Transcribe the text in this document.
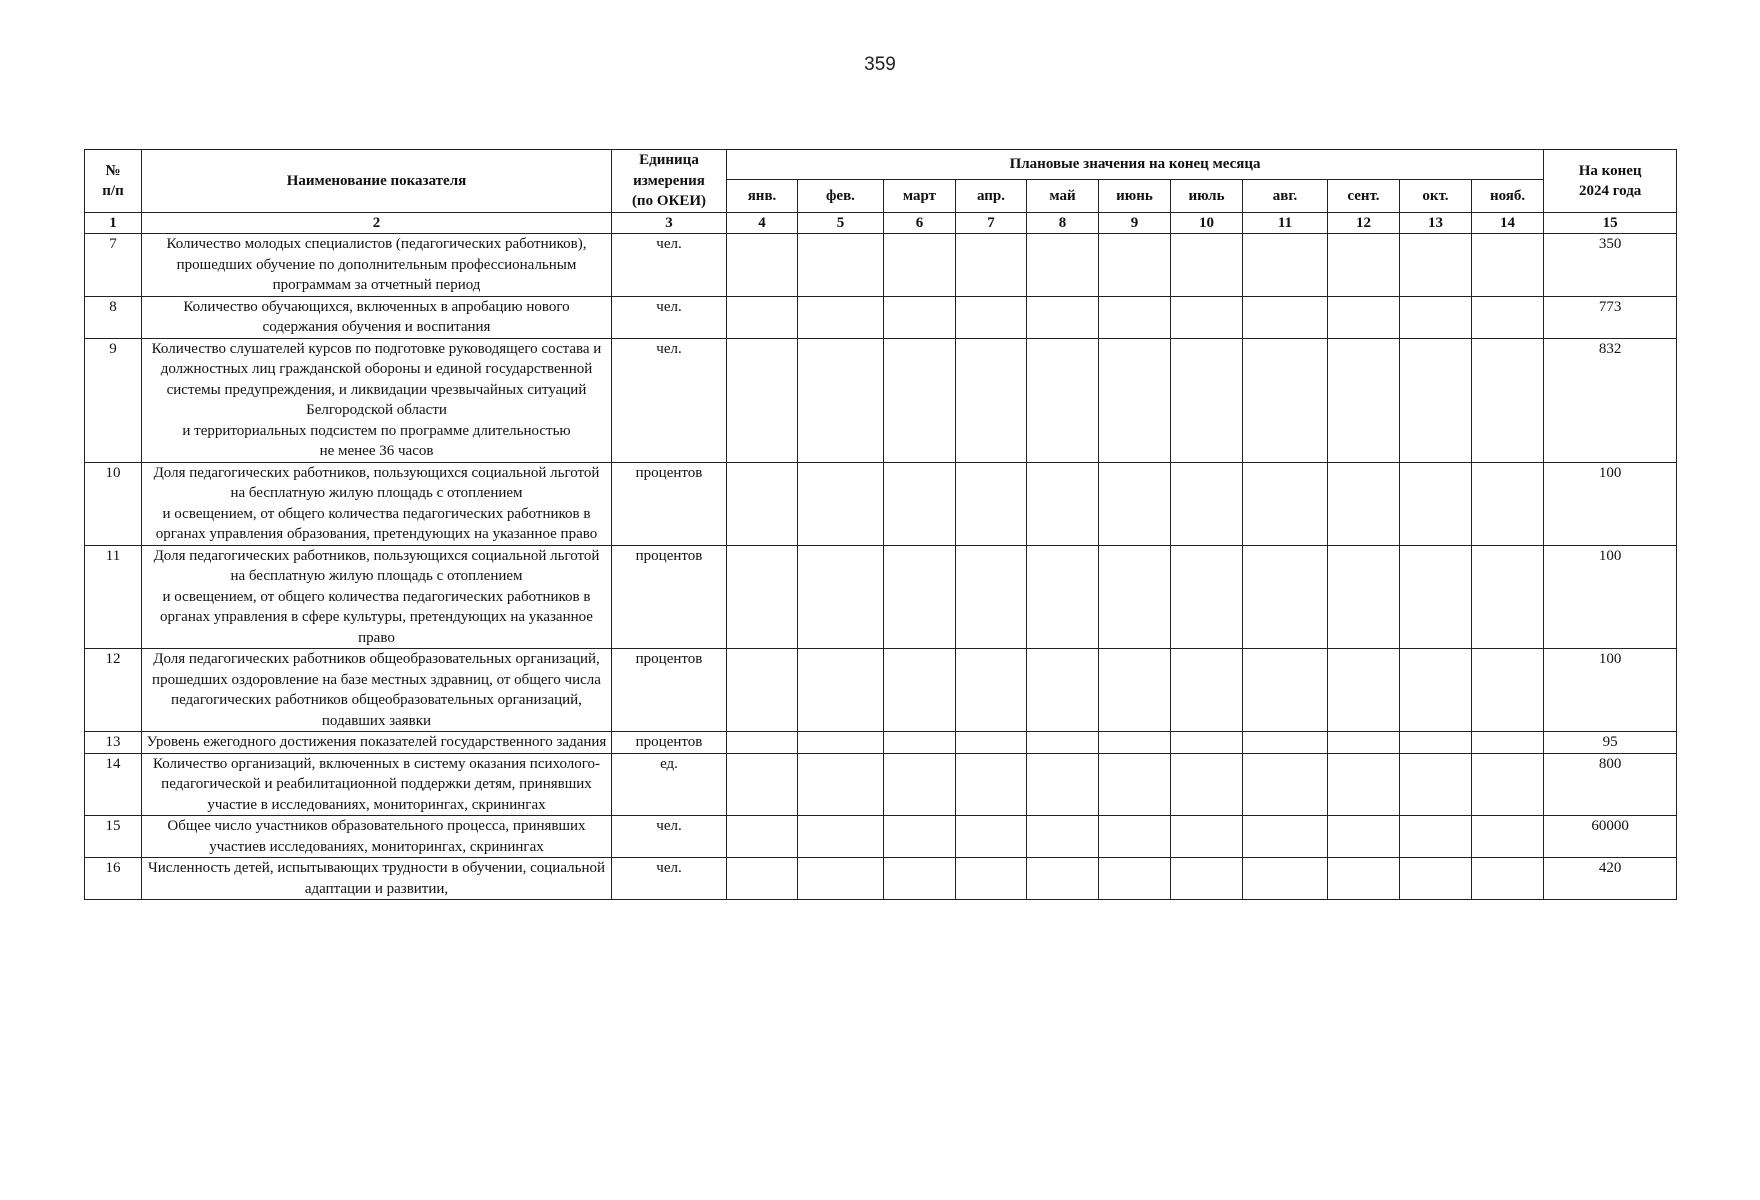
359
№
п/п	Наименование показателя	Единица
измерения
(по ОКЕИ)	Плановые значения на конец месяца											На конец
2024 года
			янв.	фев.	март	апр.	май	июнь	июль	авг.	сент.	окт.	нояб.	
1	2	3	4	5	6	7	8	9	10	11	12	13	14	15
7	Количество молодых специалистов (педагогических работников), прошедших обучение по дополнительным профессиональным программам за отчетный период	чел.												350
8	Количество обучающихся, включенных в апробацию нового содержания обучения и воспитания	чел.												773
9	Количество слушателей курсов по подготовке руководящего состава и должностных лиц гражданской обороны и единой государственной системы предупреждения, и ликвидации чрезвычайных ситуаций Белгородской области
и территориальных подсистем по программе длительностью
не менее 36 часов	чел.												832
10	Доля педагогических работников, пользующихся социальной льготой на бесплатную жилую площадь с отоплением
и освещением, от общего количества педагогических работников в органах управления образования, претендующих на указанное право	процентов												100
11	Доля педагогических работников, пользующихся социальной льготой на бесплатную жилую площадь с отоплением
и освещением, от общего количества педагогических работников в органах управления в сфере культуры, претендующих на указанное право	процентов												100
12	Доля педагогических работников общеобразовательных организаций, прошедших оздоровление на базе местных здравниц, от общего числа педагогических работников общеобразовательных организаций, подавших заявки	процентов												100
13	Уровень ежегодного достижения показателей государственного задания	процентов												95
14	Количество организаций, включенных в систему оказания психолого-педагогической и реабилитационной поддержки детям, принявших участие в исследованиях, мониторингах, скринингах	ед.												800
15	Общее число участников образовательного процесса, принявших участиев исследованиях, мониторингах, скринингах	чел.												60000
16	Численность детей, испытывающих трудности в обучении, социальной адаптации и развитии,	чел.												420
